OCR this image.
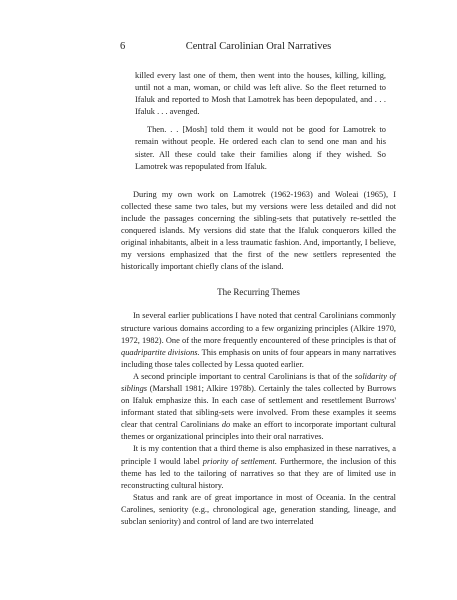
6	Central Carolinian Oral Narratives

killed every last one of them, then went into the houses, killing, killing, until not a man, woman, or child was left alive. So the fleet returned to Ifaluk and reported to Mosh that Lamotrek has been depopulated, and . . . Ifaluk . . . avenged.

Then. . . [Mosh] told them it would not be good for Lamotrek to remain without people. He ordered each clan to send one man and his sister. All these could take their families along if they wished. So Lamotrek was repopulated from Ifaluk.

During my own work on Lamotrek (1962-1963) and Woleai (1965), I collected these same two tales, but my versions were less detailed and did not include the passages concerning the sibling-sets that putatively re-settled the conquered islands. My versions did state that the Ifaluk conquerors killed the original inhabitants, albeit in a less traumatic fashion. And, importantly, I believe, my versions emphasized that the first of the new settlers represented the historically important chiefly clans of the island.

The Recurring Themes

In several earlier publications I have noted that central Carolinians commonly structure various domains according to a few organizing principles (Alkire 1970, 1972, 1982). One of the more frequently encountered of these principles is that of quadripartite divisions. This emphasis on units of four appears in many narratives including those tales collected by Lessa quoted earlier.

A second principle important to central Carolinians is that of the solidarity of siblings (Marshall 1981; Alkire 1978b). Certainly the tales collected by Burrows on Ifaluk emphasize this. In each case of settlement and resettlement Burrows' informant stated that sibling-sets were involved. From these examples it seems clear that central Carolinians do make an effort to incorporate important cultural themes or organizational principles into their oral narratives.

It is my contention that a third theme is also emphasized in these narratives, a principle I would label priority of settlement. Furthermore, the inclusion of this theme has led to the tailoring of narratives so that they are of limited use in reconstructing cultural history.

Status and rank are of great importance in most of Oceania. In the central Carolines, seniority (e.g., chronological age, generation standing, lineage, and subclan seniority) and control of land are two interrelated
